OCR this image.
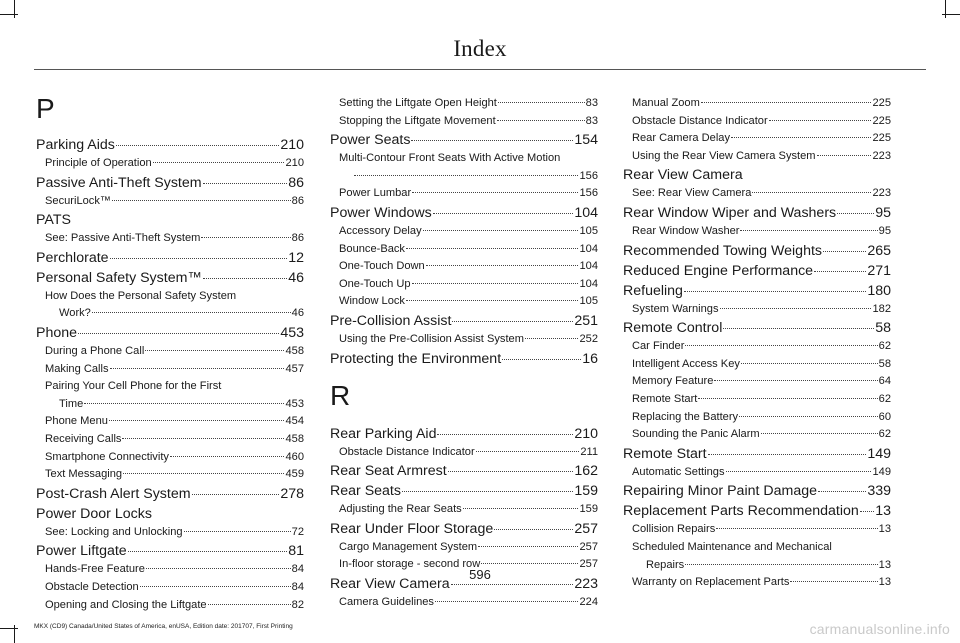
Index
P
Parking Aids	210
Principle of Operation	210
Passive Anti-Theft System	86
SecuriLock™	86
PATS
See: Passive Anti-Theft System	86
Perchlorate	12
Personal Safety System™	46
How Does the Personal Safety System
Work?	46
Phone	453
During a Phone Call	458
Making Calls	457
Pairing Your Cell Phone for the First
Time	453
Phone Menu	454
Receiving Calls	458
Smartphone Connectivity	460
Text Messaging	459
Post-Crash Alert System	278
Power Door Locks
See: Locking and Unlocking	72
Power Liftgate	81
Hands-Free Feature	84
Obstacle Detection	84
Opening and Closing the Liftgate	82
Setting the Liftgate Open Height	83
Stopping the Liftgate Movement	83
Power Seats	154
Multi-Contour Front Seats With Active Motion
156
Power Lumbar	156
Power Windows	104
Accessory Delay	105
Bounce-Back	104
One-Touch Down	104
One-Touch Up	104
Window Lock	105
Pre-Collision Assist	251
Using the Pre-Collision Assist System	252
Protecting the Environment	16
R
Rear Parking Aid	210
Obstacle Distance Indicator	211
Rear Seat Armrest	162
Rear Seats	159
Adjusting the Rear Seats	159
Rear Under Floor Storage	257
Cargo Management System	257
In-floor storage - second row	257
Rear View Camera	223
Camera Guidelines	224
Manual Zoom	225
Obstacle Distance Indicator	225
Rear Camera Delay	225
Using the Rear View Camera System	223
Rear View Camera
See: Rear View Camera	223
Rear Window Wiper and Washers	95
Rear Window Washer	95
Recommended Towing Weights	265
Reduced Engine Performance	271
Refueling	180
System Warnings	182
Remote Control	58
Car Finder	62
Intelligent Access Key	58
Memory Feature	64
Remote Start	62
Replacing the Battery	60
Sounding the Panic Alarm	62
Remote Start	149
Automatic Settings	149
Repairing Minor Paint Damage	339
Replacement Parts Recommendation 13
Collision Repairs	13
Scheduled Maintenance and Mechanical
Repairs	13
Warranty on Replacement Parts	13
596
MKX (CD9) Canada/United States of America, enUSA, Edition date: 201707, First Printing	carmanualsonline.info
